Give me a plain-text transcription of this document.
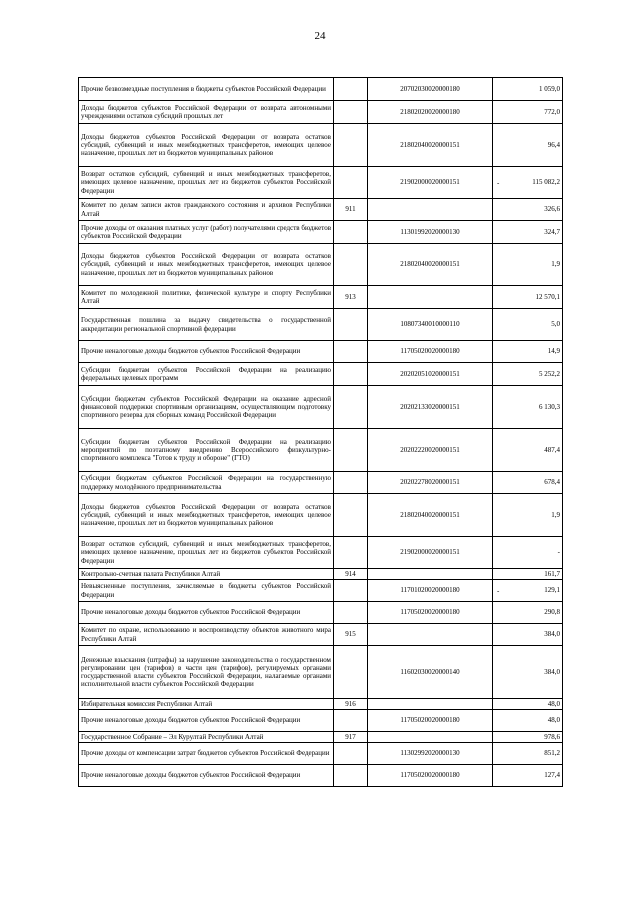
24
Прочие безвозмездные поступления в бюджеты субъектов Российской Федерации		20702030020000180	1 059,0
Доходы бюджетов субъектов Российской Федерации от возврата автономными учреждениями остатков субсидий прошлых лет		21802020020000180	772,0
Доходы бюджетов субъектов Российской Федерации от возврата остатков субсидий, субвенций и иных межбюджетных трансферетов, имеющих целевое назначение, прошлых лет из бюджетов муниципальных районов		21802040020000151	96,4
Возврат остатков субсидий, субвенций и иных межбюджетных трансферетов, имеющих целевое назначение, прошлых лет из бюджетов субъектов Российской Федерации		21902000020000151	- 115 082,2
Комитет по делам записи актов гражданского состояния и архивов Республики Алтай	911		326,6
Прочие доходы от оказания платных услуг (работ) получателями средств бюджетов субъектов Российской Федерации		11301992020000130	324,7
Доходы бюджетов субъектов Российской Федерации от возврата остатков субсидий, субвенций и иных межбюджетных трансферетов, имеющих целевое назначение, прошлых лет из бюджетов муниципальных районов		21802040020000151	1,9
Комитет по молодежной политике, физической культуре и спорту Республики Алтай	913		12 570,1
Государственная пошлина за выдачу свидетельства о государственной аккредитации региональной спортивной федерации		10807340010000110	5,0
Прочие неналоговые доходы бюджетов субъектов Российской Федерации		11705020020000180	14,9
Субсидии бюджетам субъектов Российской Федерации на реализацию федеральных целевых программ		20202051020000151	5 252,2
Субсидии бюджетам субъектов Российской Федерации на оказание адресной финансовой поддержки спортивным организациям, осуществляющим подготовку спортивного резерва для сборных команд Российской Федерации		20202133020000151	6 130,3
Субсидии бюджетам субъектов Российской Федерации на реализацию мероприятий по поэтапному внедрению Всероссийского физкультурно-спортивного комплекса "Готов к труду и обороне" (ГТО)		20202220020000151	487,4
Субсидии бюджетам субъектов Российской Федерации на государственную поддержку молодёжного предпринимательства		20202278020000151	678,4
Доходы бюджетов субъектов Российской Федерации от возврата остатков субсидий, субвенций и иных межбюджетных трансферетов, имеющих целевое назначение, прошлых лет из бюджетов муниципальных районов		21802040020000151	1,9
Возврат остатков субсидий, субвенций и иных межбюджетных трансферетов, имеющих целевое назначение, прошлых лет из бюджетов субъектов Российской Федерации		21902000020000151	-
Контрольно-счетная палата Республики Алтай	914		161,7
Невыясненные поступления, зачисляемые в бюджеты субъектов Российской Федерации		11701020020000180	- 129,1
Прочие неналоговые доходы бюджетов субъектов Российской Федерации		11705020020000180	290,8
Комитет по охране, использованию и воспроизводству объектов животного мира Республики Алтай	915		384,0
Денежные взыскания (штрафы) за нарушение законодательства о государственном регулировании цен (тарифов) в части цен (тарифов), регулируемых органами государственной власти субъектов Российской Федерации, налагаемые органами исполнительной власти субъектов Российской Федерации		11602030020000140	384,0
Избирательная комиссия Республики Алтай	916		48,0
Прочие неналоговые доходы бюджетов субъектов Российской Федерации		11705020020000180	48,0
Государственное Собрание – Эл Курултай Республики Алтай	917		978,6
Прочие доходы от компенсации затрат бюджетов субъектов Российской Федерации		11302992020000130	851,2
Прочие неналоговые доходы бюджетов субъектов Российской Федерации		11705020020000180	127,4
